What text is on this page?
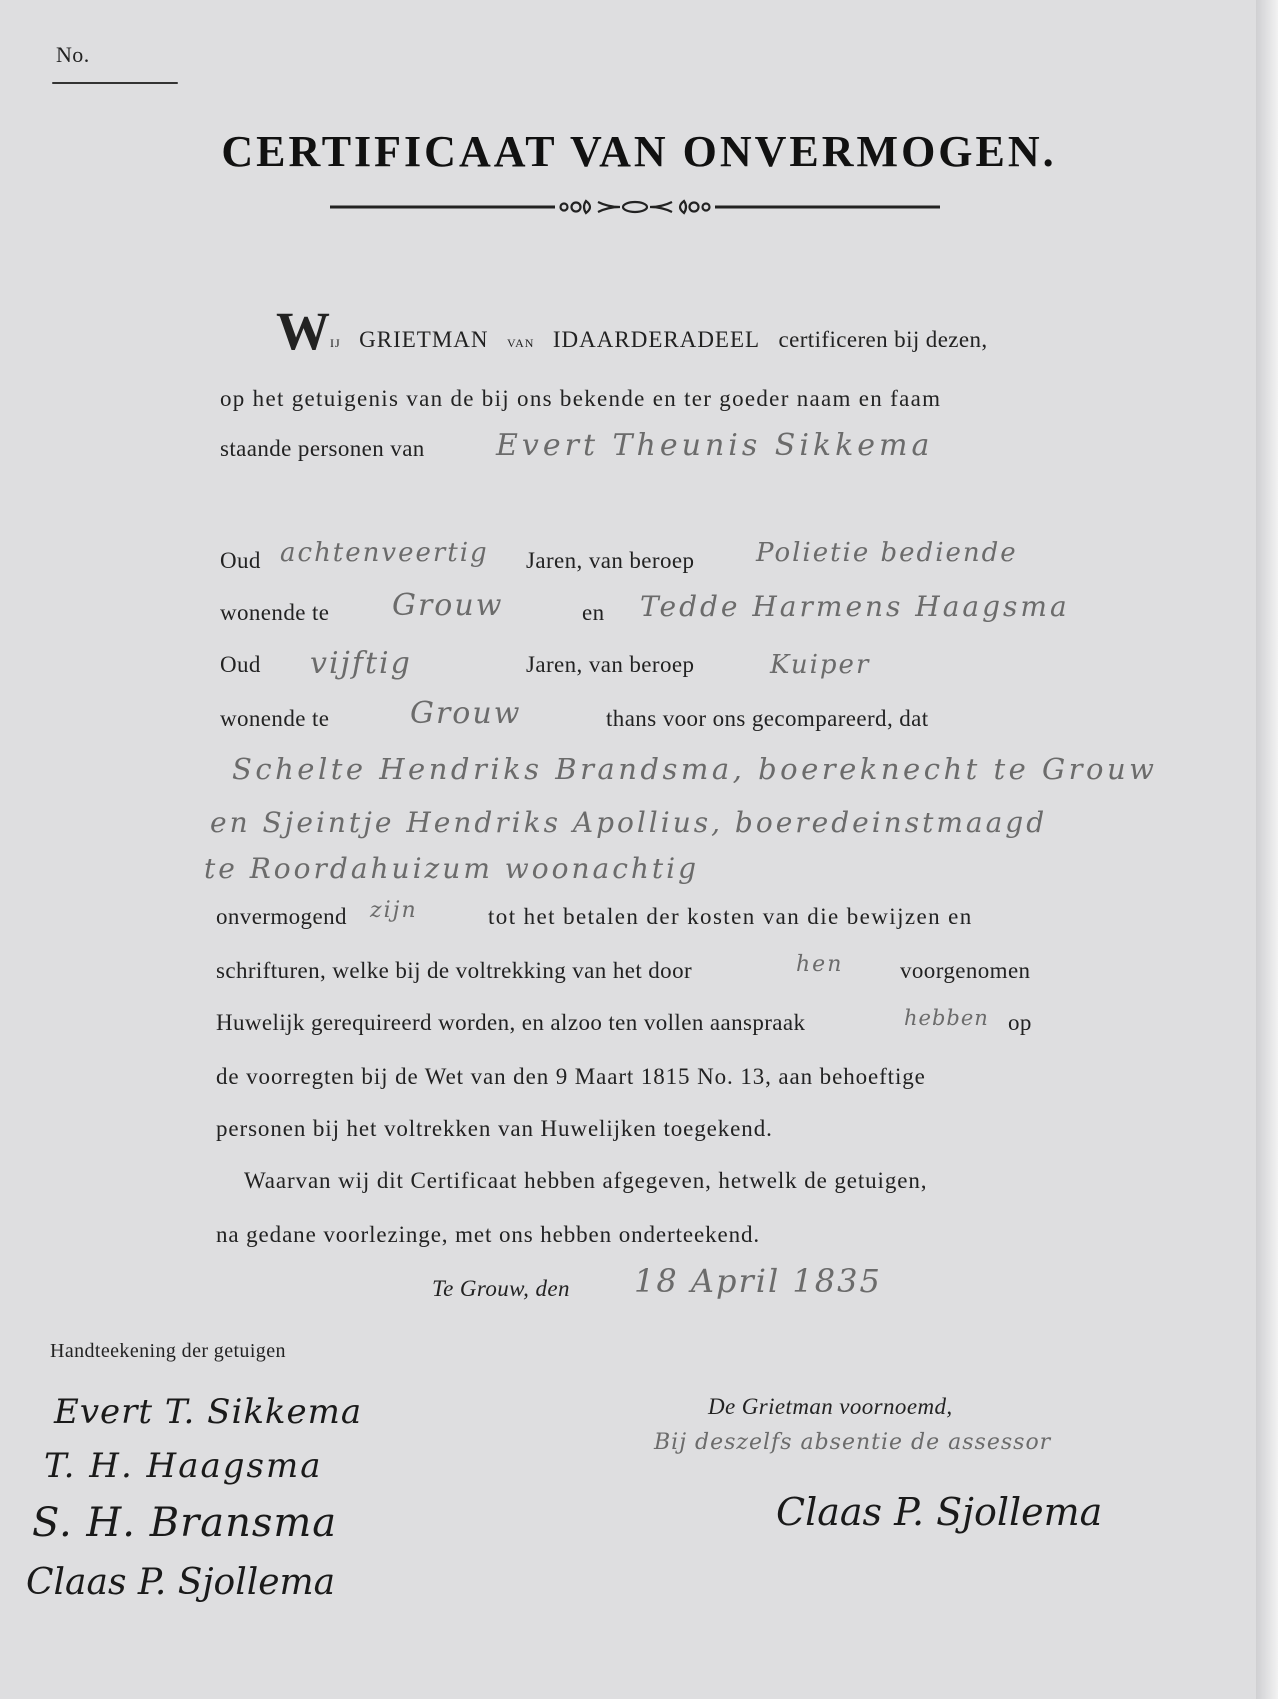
No.
CERTIFICAAT VAN ONVERMOGEN.
Wij GRIETMAN van IDAARDERADEEL certificeren bij dezen,
op het getuigenis van de bij ons bekende en ter goeder naam en faam
staande personen van Evert Theunis Sikkema
Oud achtenveertig Jaren, van beroep Polietie bediende
wonende te Grouw	en Tedde Harmens Haagsma
Oud vijftig	Jaren, van beroep	Kuiper
wonende te	Grouw	thans voor ons gecompareerd, dat
Schelte Hendriks Brandsma, boereknecht te Grouw
en Sjeintje Hendriks Apollius, boeredeinstmaagd
te Roordahuizum woonachtig
onvermogend zijn	tot het betalen der kosten van die bewijzen en
schrifturen, welke bij de voltrekking van het door	hen voorgenomen
Huwelijk gerequireerd worden, en alzoo ten vollen aanspraak	hebben op
de voorregten bij de Wet van den 9 Maart 1815 No. 13, aan behoeftige
personen bij het voltrekken van Huwelijken toegekend.
Waarvan wij dit Certificaat hebben afgegeven, hetwelk de getuigen,
na gedane voorlezinge, met ons hebben onderteekend.
Te Grouw, den 18 April 1835
Handteekening der getuigen
Evert T. Sikkema
T. H. Haagsma
S. H. Bransma
Claas P. Sjollema
De Grietman voornoemd,
Bij deszelfs absentie de assessor
Claas P. Sjollema
